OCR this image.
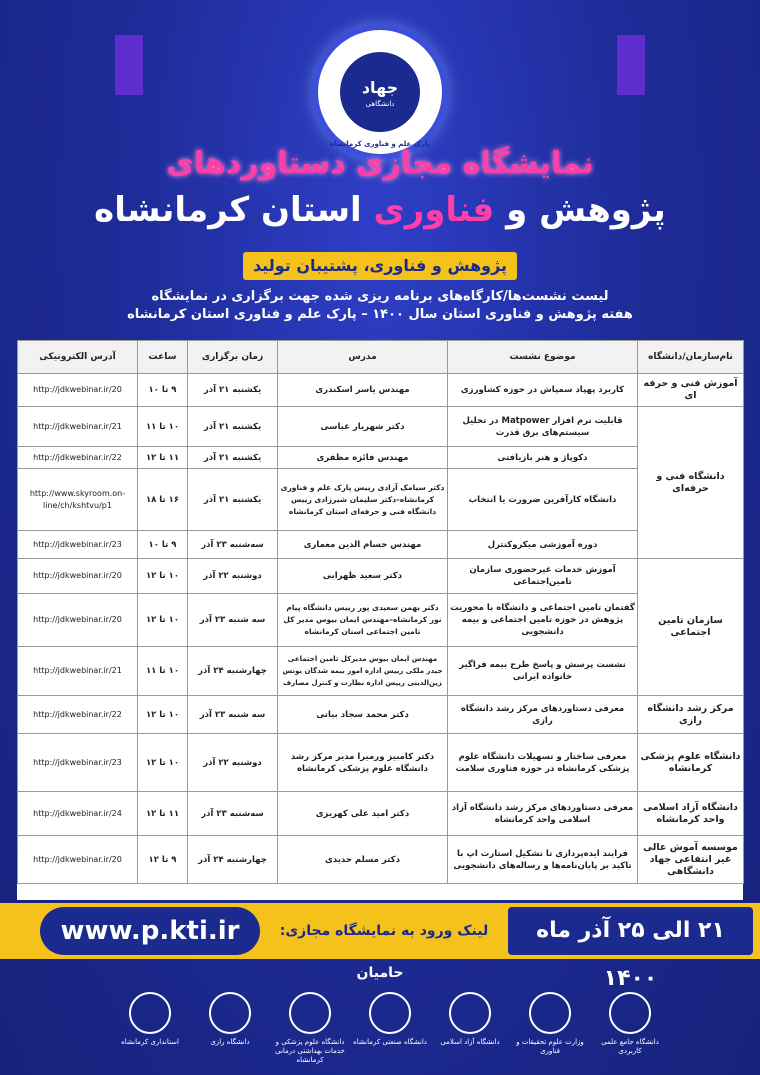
جهاد
دانشگاهی
پارک علم و فناوری کرمانشاه
نمایشگاه مجازی دستاوردهای
پژوهش و فناوری استان کرمانشاه
پژوهش و فناوری، پشتیبان تولید
لیست نشست‌ها/کارگاه‌های برنامه ریزی شده جهت برگزاری در نمایشگاه
هفته پژوهش و فناوری استان سال ۱۴۰۰ – پارک علم و فناوری استان کرمانشاه
نام‌سازمان/دانشگاه	موضوع نشست	مدرس	زمان برگزاری	ساعت	آدرس الکترونیکی
آموزش فنی و حرفه ای	کاربرد پهپاد سمپاش در حوزه کشاورزی	مهندس یاسر اسکندری	یکشنبه ۲۱ آذر	۹ تا ۱۰	http://jdkwebinar.ir/20
دانشگاه فنی و حرفه‌ای	قابلیت نرم افزار Matpower در تحلیل سیستم‌های برق قدرت	دکتر شهریار عباسی	یکشنبه ۲۱ آذر	۱۰ تا ۱۱	http://jdkwebinar.ir/21
	دکوپاژ و هنر بازیافتی	مهندس فائزه مظفری	یکشنبه ۲۱ آذر	۱۱ تا ۱۲	http://jdkwebinar.ir/22
	دانشگاه کارآفرین ضرورت یا انتخاب	دکتر سیامک آزادی رییس پارک علم و فناوری کرمانشاه–دکتر سلیمان شیرزادی رییس دانشگاه فنی و حرفه‌ای استان کرمانشاه	یکشنبه ۲۱ آذر	۱۶ تا ۱۸	http://www.skyroom.on-line/ch/kshtvu/p1
	دوره آموزشی میکروکنترل	مهندس حسام الدین معماری	سه‌شنبه ۲۳ آذر	۹ تا ۱۰	http://jdkwebinar.ir/23
سازمان تامین اجتماعی	آموزش خدمات غیرحضوری سازمان تامین‌اجتماعی	دکتر سعید ظهرابی	دوشنبه ۲۲ آذر	۱۰ تا ۱۲	http://jdkwebinar.ir/20
	گفتمان تامین اجتماعی و دانشگاه با محوریت پژوهش در حوزه تامین اجتماعی و بیمه دانشجویی	دکتر بهمن سعیدی پور رییس دانشگاه پیام نور کرمانشاه–مهندس ایمان بیوس مدیر کل تامین اجتماعی استان کرمانشاه	سه شنبه ۲۳ آذر	۱۰ تا ۱۲	http://jdkwebinar.ir/20
	نشست پرسش و پاسخ طرح بیمه فراگیر خانواده ایرانی	مهندس ایمان بیوس مدیرکل تامین اجتماعی حیدر ملکی رییس اداره امور بیمه شدگان یونس زین‌الدینی رییس اداره نظارت و کنترل مصارف	چهارشنبه ۲۴ آذر	۱۰ تا ۱۱	http://jdkwebinar.ir/21
مرکز رشد دانشگاه رازی	معرفی دستاوردهای مرکز رشد دانشگاه رازی	دکتر محمد سجاد بیاتی	سه شنبه ۲۳ آذر	۱۰ تا ۱۲	http://jdkwebinar.ir/22
دانشگاه علوم پزشکی کرمانشاه	معرفی ساختار و تسهیلات دانشگاه علوم پزشکی کرمانشاه در حوزه فناوری سلامت	دکتر کامبیز ورمیرا مدیر مرکز رشد دانشگاه علوم پزشکی کرمانشاه	دوشنبه ۲۲ آذر	۱۰ تا ۱۲	http://jdkwebinar.ir/23
دانشگاه آزاد اسلامی واحد کرمانشاه	معرفی دستاوردهای مرکز رشد دانشگاه آزاد اسلامی واحد کرمانشاه	دکتر امید علی کهریزی	سه‌شنبه ۲۳ آذر	۱۱ تا ۱۲	http://jdkwebinar.ir/24
موسسه آموش عالی غیر انتفاعی جهاد دانشگاهی	فرایند ایده‌پردازی تا تشکیل استارت اپ با تاکید بر پایان‌نامه‌ها و رساله‌های دانشجویی	دکتر مسلم حدیدی	چهارشنبه ۲۴ آذر	۹ تا ۱۲	http://jdkwebinar.ir/20
www.p.kti.ir	لینک ورود به نمایشگاه مجازی:	۲۱ الی ۲۵ آذر ماه ۱۴۰۰
حامیان
استانداری کرمانشاه	دانشگاه رازی	دانشگاه علوم پزشکی و خدمات بهداشتی درمانی کرمانشاه
دانشگاه صنعتی کرمانشاه	دانشگاه آزاد اسلامی	وزارت علوم تحقیقات و فناوری
دانشگاه جامع علمی کاربردی
